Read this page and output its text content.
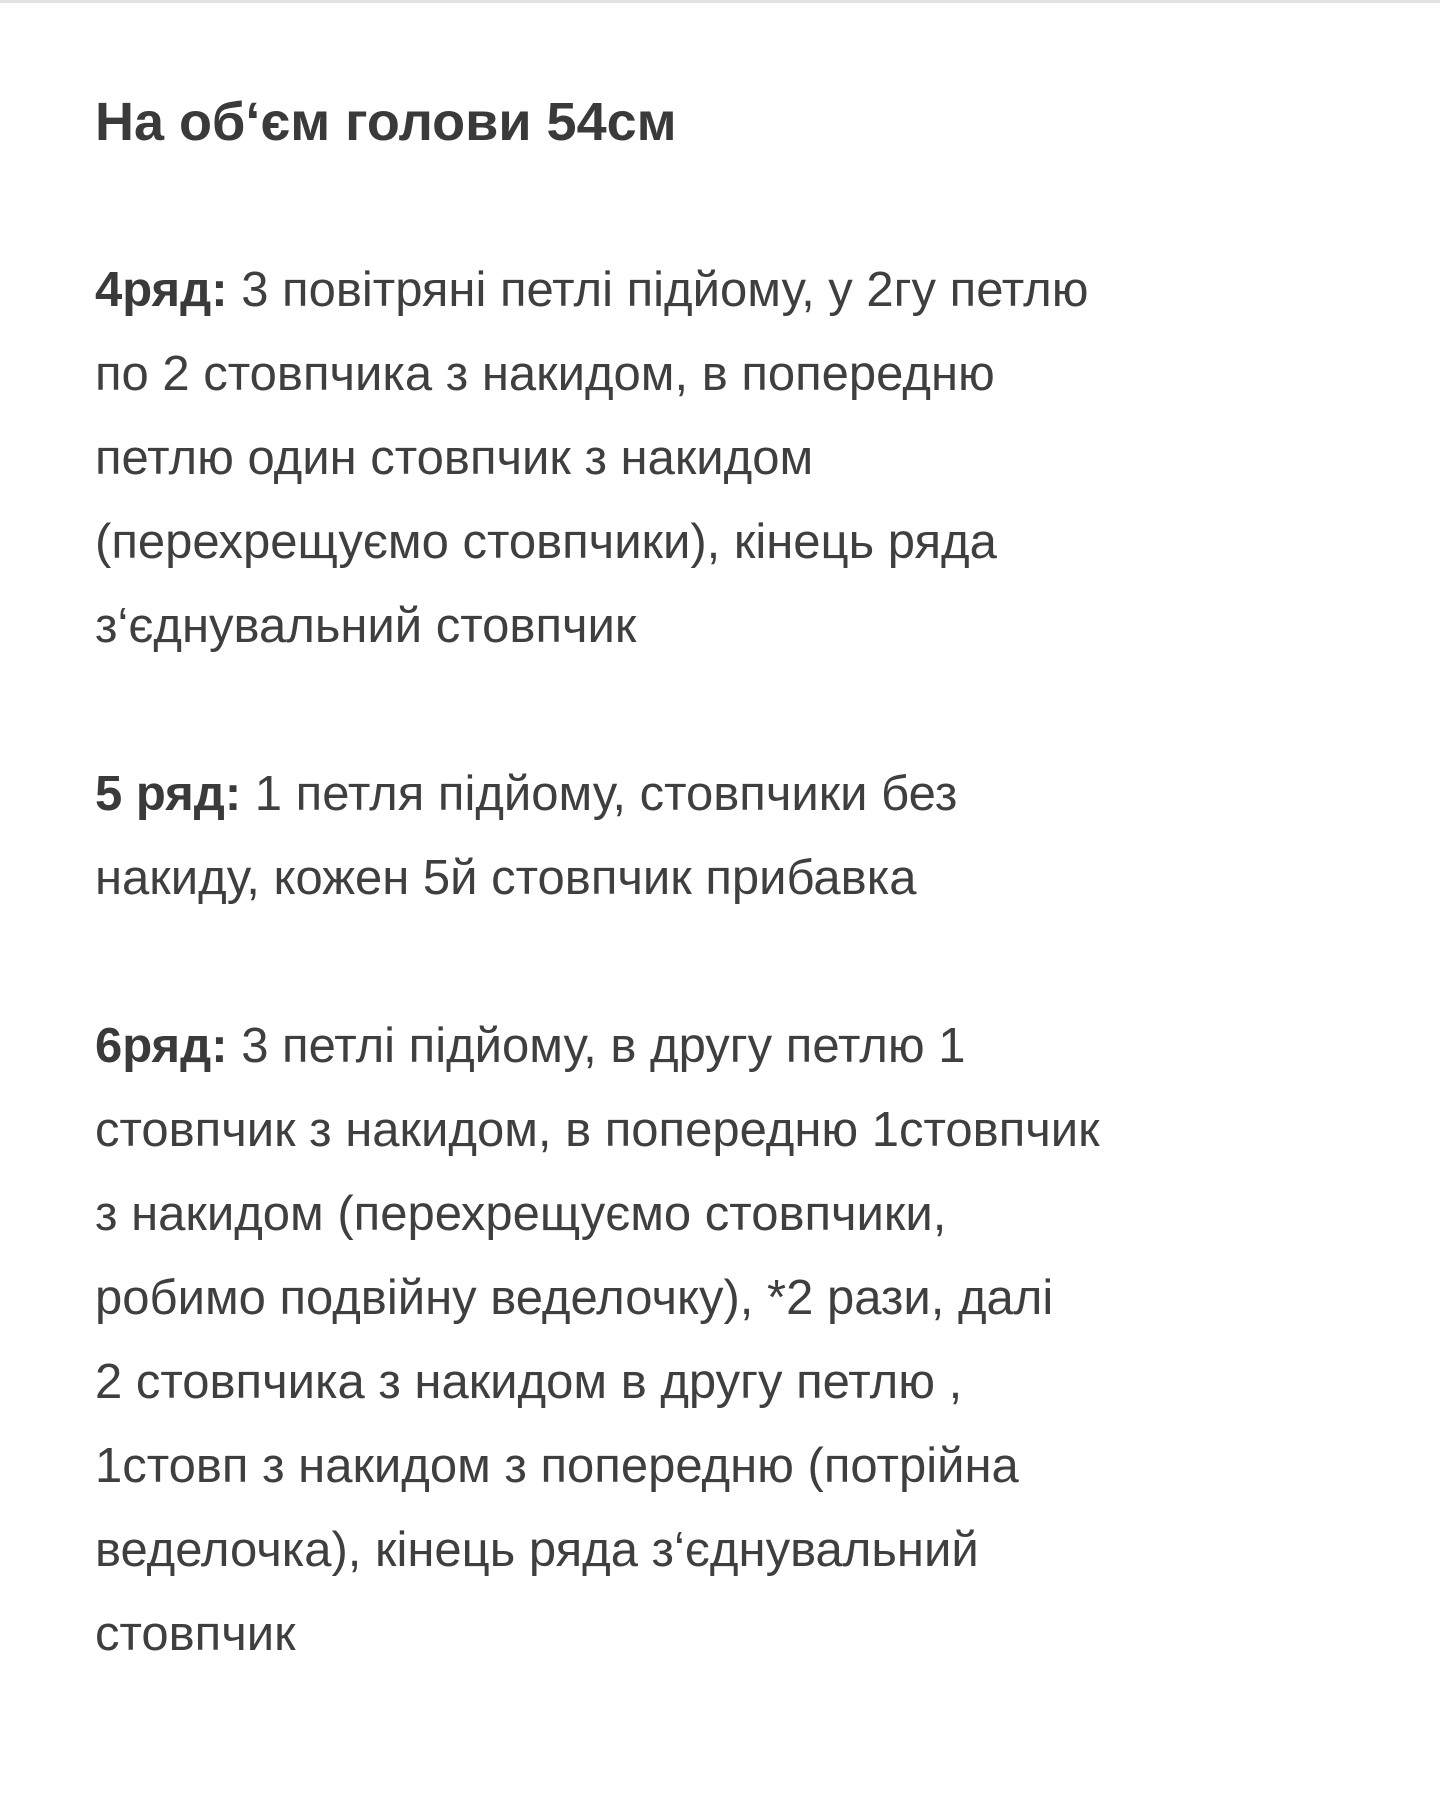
На об‘єм голови 54см

4ряд: 3 повітряні петлі підйому, у 2гу петлю
по 2 стовпчика з накидом, в попередню
петлю один стовпчик з накидом
(перехрещуємо стовпчики), кінець ряда
з‘єднувальний стовпчик

5 ряд: 1 петля підйому, стовпчики без
накиду, кожен 5й стовпчик прибавка

6ряд: 3 петлі підйому, в другу петлю 1
стовпчик з накидом, в попередню 1стовпчик
з накидом (перехрещуємо стовпчики,
робимо подвійну веделочку), *2 рази, далі
2 стовпчика з накидом в другу петлю ,
1стовп з накидом з попередню (потрійна
веделочка), кінець ряда з‘єднувальний
стовпчик
